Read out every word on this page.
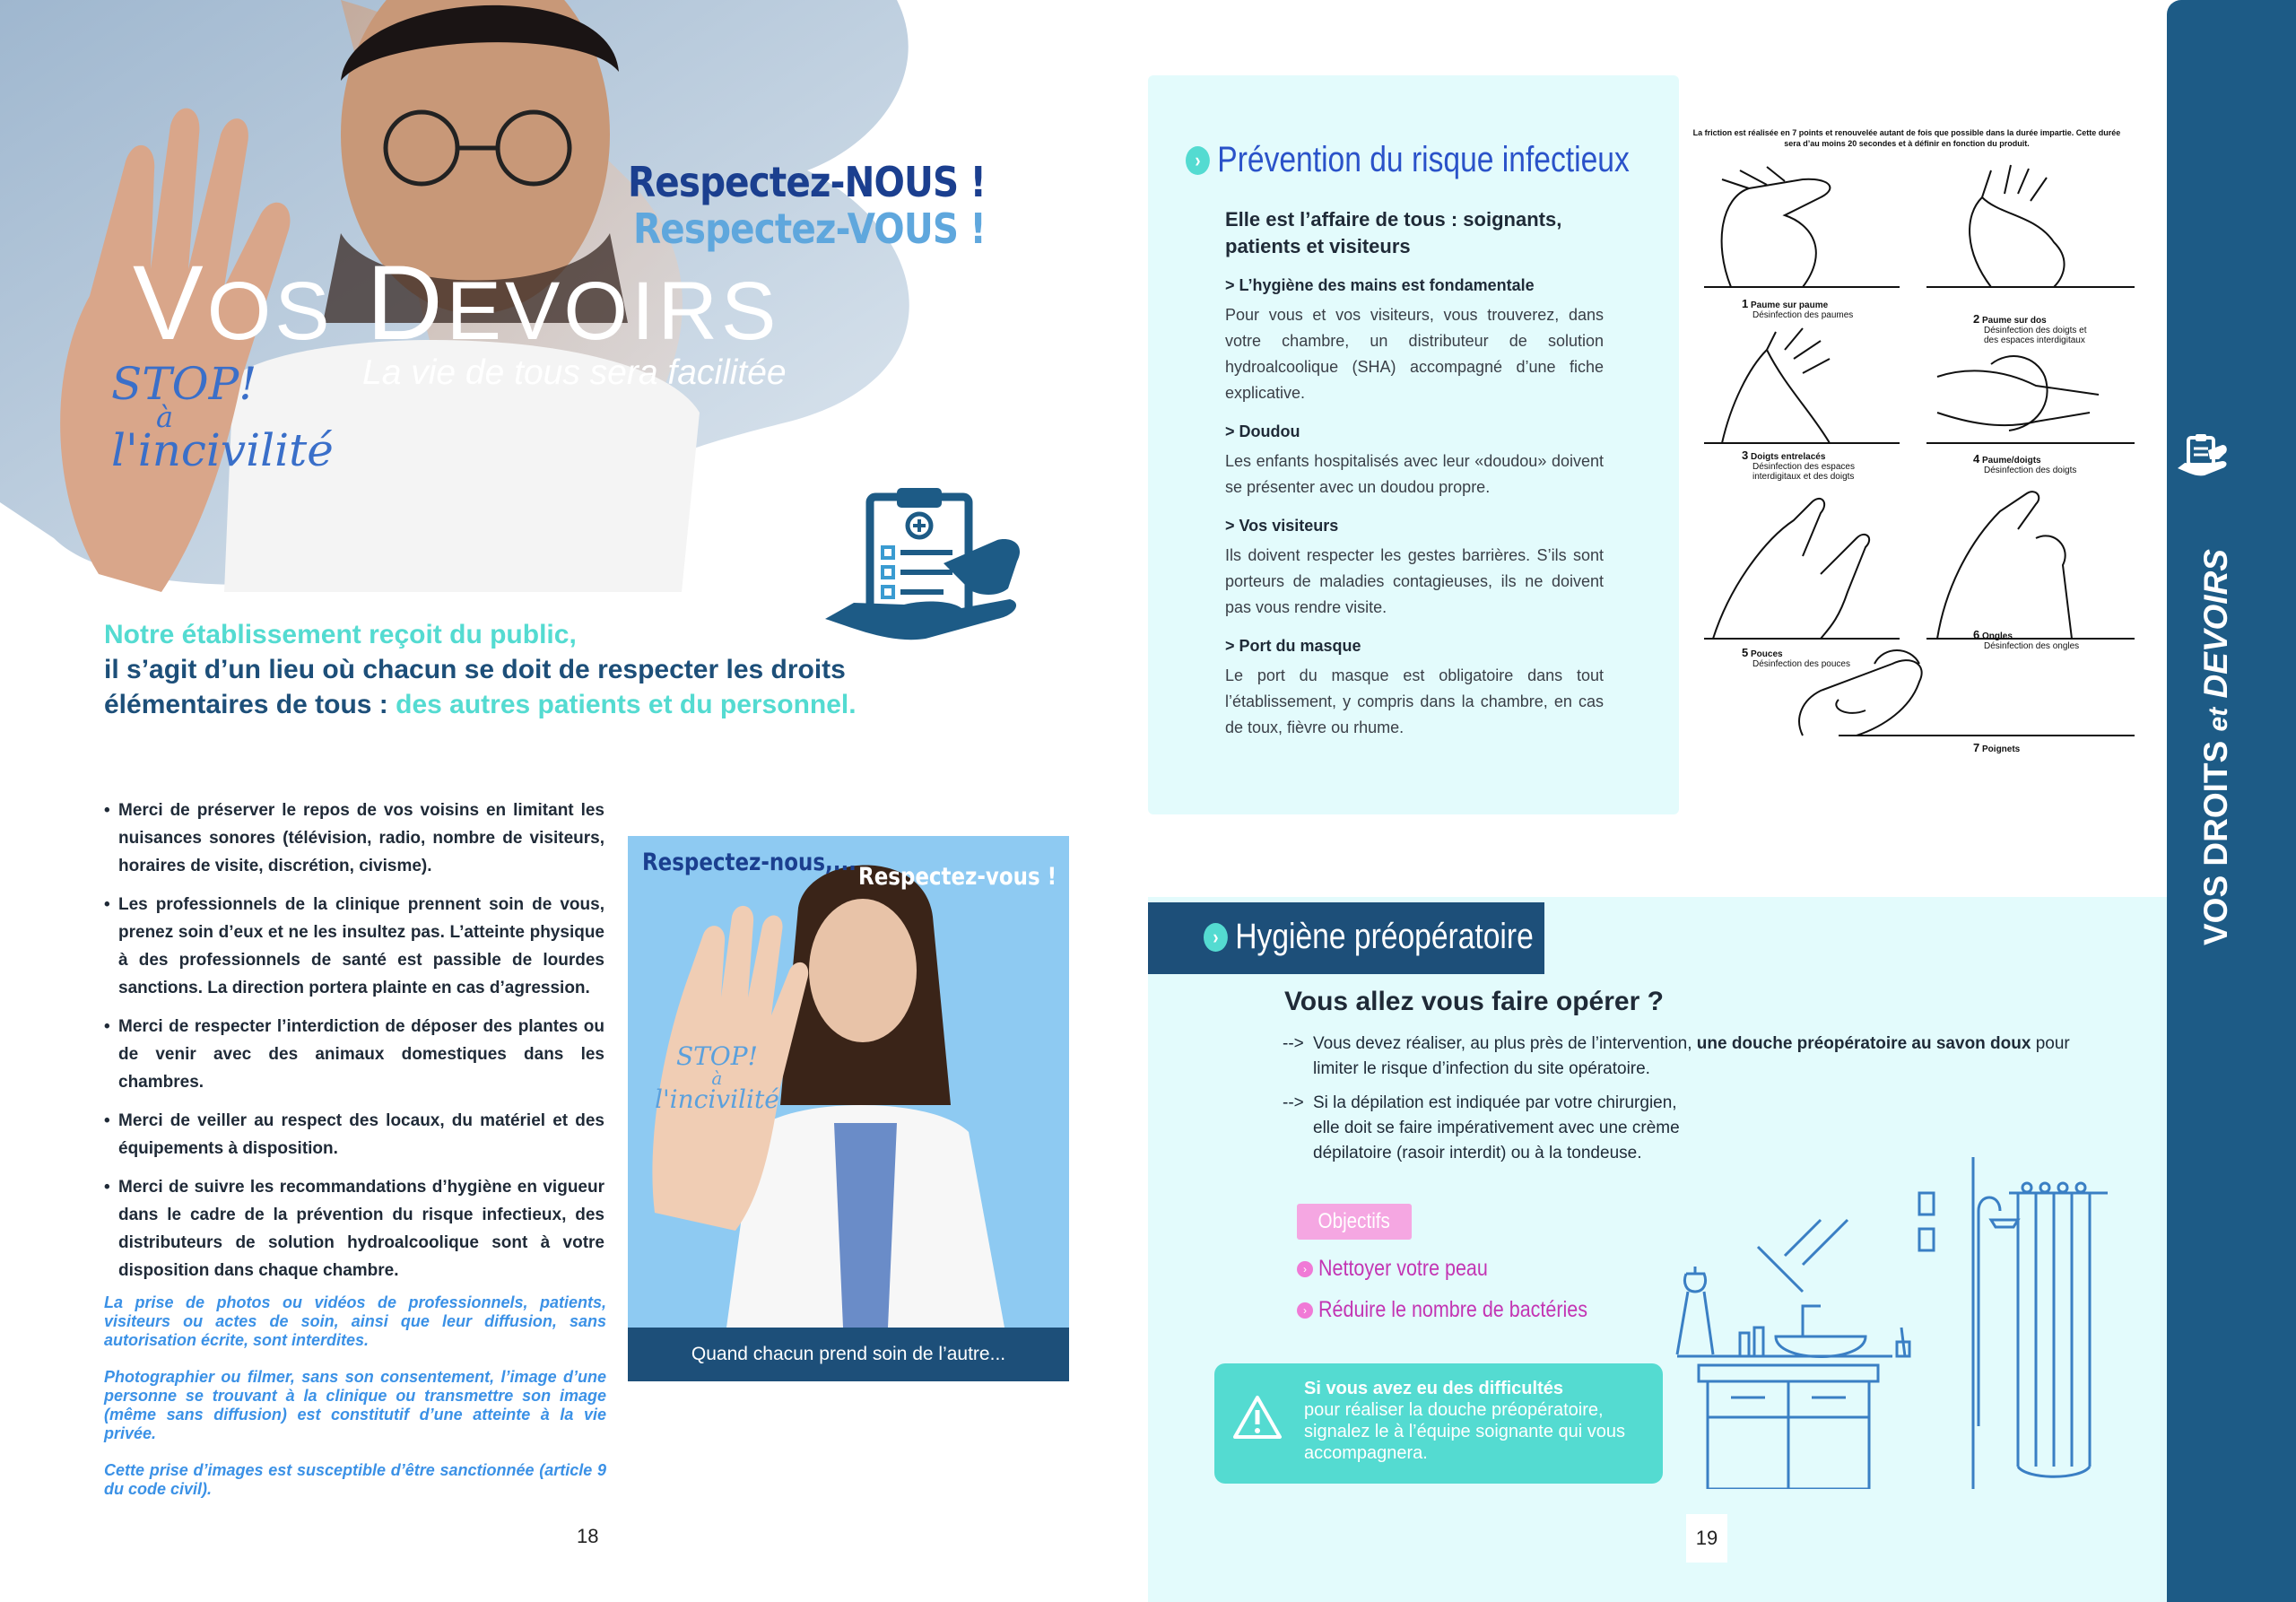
VOS DEVOIRS
La vie de tous sera facilitée
Respectez-NOUS !
Respectez-VOUS !
STOP!
à
l'incivilité
Notre établissement reçoit du public,
il s’agit d’un lieu où chacun se doit de respecter les droits élémentaires de tous : des autres patients et du personnel.
• Merci de préserver le repos de vos voisins en limitant les nuisances sonores (télévision, radio, nombre de visiteurs, horaires de visite, discrétion, civisme).
• Les professionnels de la clinique prennent soin de vous, prenez soin d’eux et ne les insultez pas. L’atteinte physique à des professionnels de santé est passible de lourdes sanctions. La direction portera plainte en cas d’agression.
• Merci de respecter l’interdiction de déposer des plantes ou de venir avec des animaux domestiques dans les chambres.
• Merci de veiller au respect des locaux, du matériel et des équipements à disposition.
• Merci de suivre les recommandations d’hygiène en vigueur dans le cadre de la prévention du risque infectieux, des distributeurs de solution hydroalcoolique sont à votre disposition dans chaque chambre.

La prise de photos ou vidéos de professionnels, patients, visiteurs ou actes de soin, ainsi que leur diffusion, sans autorisation écrite, sont interdites.

Photographier ou filmer, sans son consentement, l’image d’une personne se trouvant à la clinique ou transmettre son image (même sans diffusion) est constitutif d’une atteinte à la vie privée.

Cette prise d’images est susceptible d’être sanctionnée (article 9 du code civil).

Respectez-nous,...
Respectez-vous !
STOP!
à
l'incivilité
Quand chacun prend soin de l’autre...
18
› Prévention du risque infectieux
Elle est l’affaire de tous : soignants, patients et visiteurs
> L’hygiène des mains est fondamentale

Pour vous et vos visiteurs, vous trouverez, dans votre chambre, un distributeur de solution hydroalcoolique (SHA) accompagné d’une fiche explicative.

> Doudou

Les enfants hospitalisés avec leur «doudou» doivent se présenter avec un doudou propre.

> Vos visiteurs

Ils doivent respecter les gestes barrières. S’ils sont porteurs de maladies contagieuses, ils ne doivent pas vous rendre visite.

> Port du masque

Le port du masque est obligatoire dans tout l’établissement, y compris dans la chambre, en cas de toux, fièvre ou rhume.

La friction est réalisée en 7 points et renouvelée autant de fois que possible dans la durée impartie. Cette durée sera d’au moins 20 secondes et à définir en fonction du produit.
1 Paume sur paume
Désinfection des paumes	2 Paume sur dos
Désinfection des doigts et des espaces interdigitaux
3 Doigts entrelacés
Désinfection des espaces interdigitaux et des doigts
4 Paume/doigts
Désinfection des doigts
5 Pouces
Désinfection des pouces
6 Ongles
Désinfection des ongles
7 Poignets
› Hygiène préopératoire
Vous allez vous faire opérer ?
--> Vous devez réaliser, au plus près de l’intervention, une douche préopératoire au savon doux pour limiter le risque d’infection du site opératoire.
--> Si la dépilation est indiquée par votre chirurgien, elle doit se faire impérativement avec une crème dépilatoire (rasoir interdit) ou à la tondeuse.
Objectifs
› Nettoyer votre peau
› Réduire le nombre de bactéries
Si vous avez eu des difficultés
pour réaliser la douche préopératoire, signalez le à l’équipe soignante qui vous accompagnera.
19
VOS DROITS et DEVOIRS
